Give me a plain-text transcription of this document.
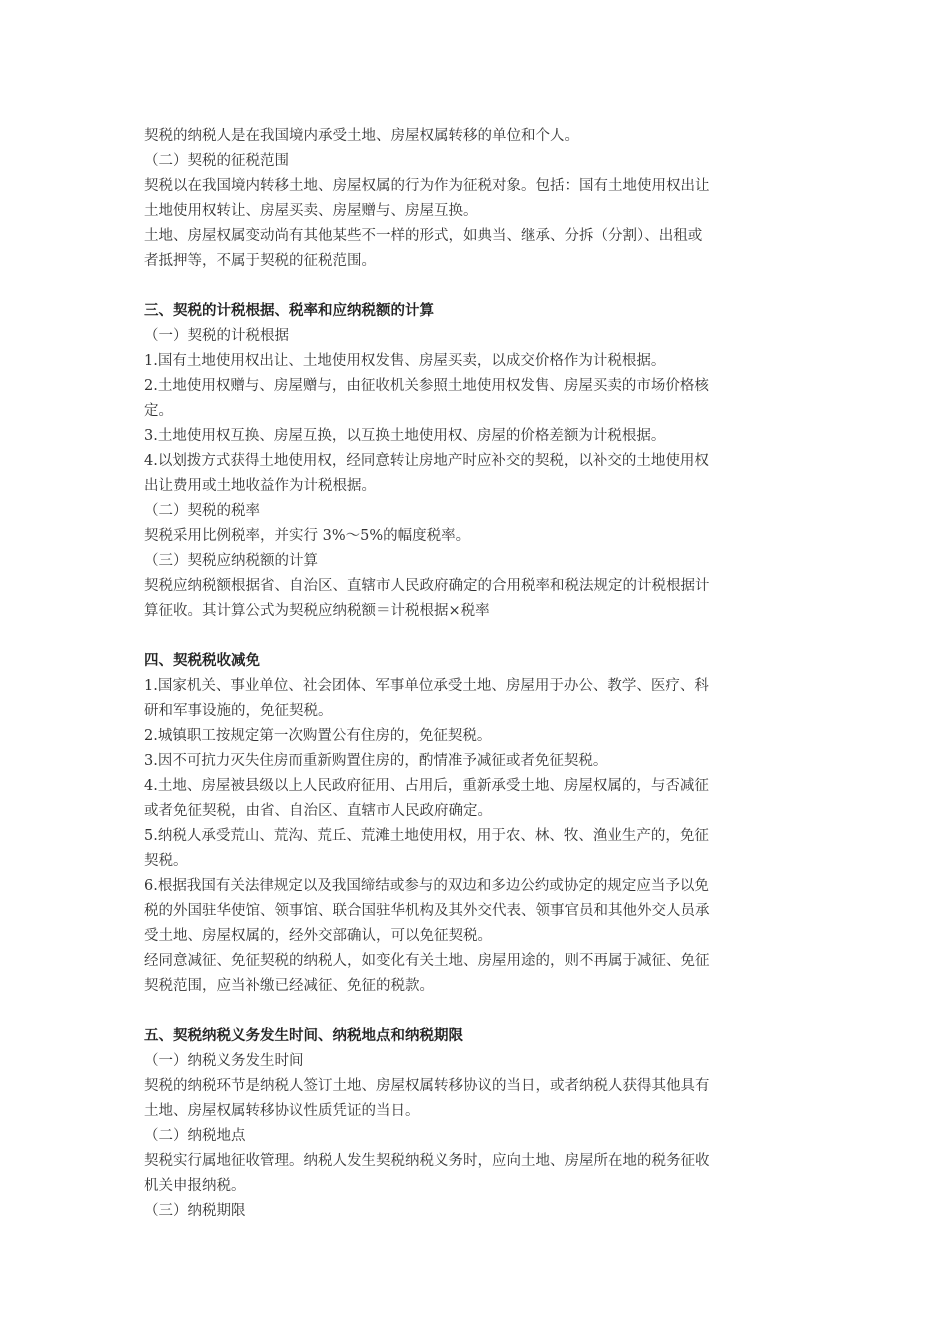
契税的纳税人是在我国境内承受土地、房屋权属转移的单位和个人。
（二）契税的征税范围
契税以在我国境内转移土地、房屋权属的行为作为征税对象。包括：国有土地使用权出让
土地使用权转让、房屋买卖、房屋赠与、房屋互换。
土地、房屋权属变动尚有其他某些不一样的形式，如典当、继承、分拆（分割）、出租或
者抵押等，不属于契税的征税范围。
三、契税的计税根据、税率和应纳税额的计算
（一）契税的计税根据
1.国有土地使用权出让、土地使用权发售、房屋买卖，以成交价格作为计税根据。
2.土地使用权赠与、房屋赠与，由征收机关参照土地使用权发售、房屋买卖的市场价格核
定。
3.土地使用权互换、房屋互换，以互换土地使用权、房屋的价格差额为计税根据。
4.以划拨方式获得土地使用权，经同意转让房地产时应补交的契税，以补交的土地使用权
出让费用或土地收益作为计税根据。
（二）契税的税率
契税采用比例税率，并实行 3%～5%的幅度税率。
（三）契税应纳税额的计算
契税应纳税额根据省、自治区、直辖市人民政府确定的合用税率和税法规定的计税根据计
算征收。其计算公式为契税应纳税额＝计税根据×税率
四、契税税收减免
1.国家机关、事业单位、社会团体、军事单位承受土地、房屋用于办公、教学、医疗、科
研和军事设施的，免征契税。
2.城镇职工按规定第一次购置公有住房的，免征契税。
3.因不可抗力灭失住房而重新购置住房的，酌情准予减征或者免征契税。
4.土地、房屋被县级以上人民政府征用、占用后，重新承受土地、房屋权属的，与否减征
或者免征契税，由省、自治区、直辖市人民政府确定。
5.纳税人承受荒山、荒沟、荒丘、荒滩土地使用权，用于农、林、牧、渔业生产的，免征
契税。
6.根据我国有关法律规定以及我国缔结或参与的双边和多边公约或协定的规定应当予以免
税的外国驻华使馆、领事馆、联合国驻华机构及其外交代表、领事官员和其他外交人员承
受土地、房屋权属的，经外交部确认，可以免征契税。
经同意减征、免征契税的纳税人，如变化有关土地、房屋用途的，则不再属于减征、免征
契税范围，应当补缴已经减征、免征的税款。
五、契税纳税义务发生时间、纳税地点和纳税期限
（一）纳税义务发生时间
契税的纳税环节是纳税人签订土地、房屋权属转移协议的当日，或者纳税人获得其他具有
土地、房屋权属转移协议性质凭证的当日。
（二）纳税地点
契税实行属地征收管理。纳税人发生契税纳税义务时，应向土地、房屋所在地的税务征收
机关申报纳税。
（三）纳税期限
